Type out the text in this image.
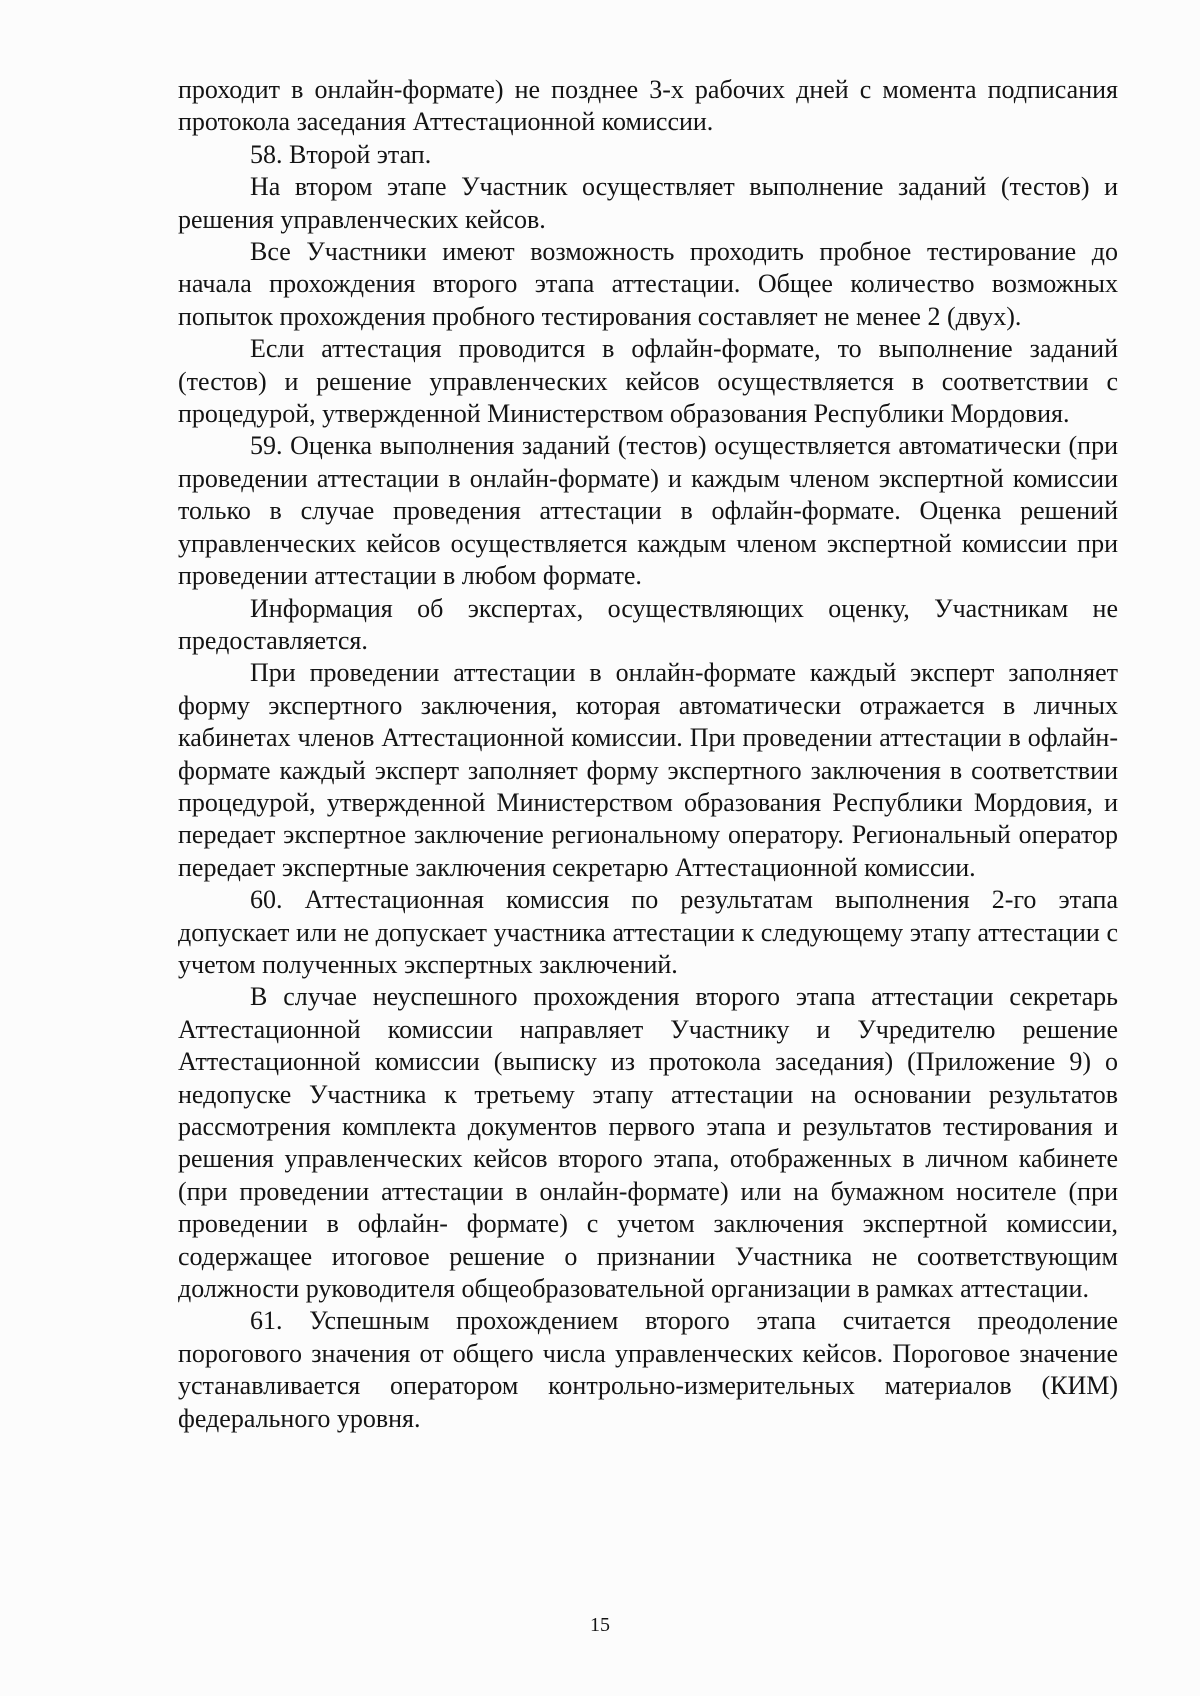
проходит в онлайн-формате) не позднее 3-х рабочих дней с момента подписания протокола заседания Аттестационной комиссии.

58. Второй этап.

На втором этапе Участник осуществляет выполнение заданий (тестов) и решения управленческих кейсов.

Все Участники имеют возможность проходить пробное тестирование до начала прохождения второго этапа аттестации. Общее количество возможных попыток прохождения пробного тестирования составляет не менее 2 (двух).

Если аттестация проводится в офлайн-формате, то выполнение заданий (тестов) и решение управленческих кейсов осуществляется в соответствии с процедурой, утвержденной Министерством образования Республики Мордовия.

59. Оценка выполнения заданий (тестов) осуществляется автоматически (при проведении аттестации в онлайн-формате) и каждым членом экспертной комиссии только в случае проведения аттестации в офлайн-формате. Оценка решений управленческих кейсов осуществляется каждым членом экспертной комиссии при проведении аттестации в любом формате.

Информация об экспертах, осуществляющих оценку, Участникам не предоставляется.

При проведении аттестации в онлайн-формате каждый эксперт заполняет форму экспертного заключения, которая автоматически отражается в личных кабинетах членов Аттестационной комиссии. При проведении аттестации в офлайн-формате каждый эксперт заполняет форму экспертного заключения в соответствии процедурой, утвержденной Министерством образования Республики Мордовия, и передает экспертное заключение региональному оператору. Региональный оператор передает экспертные заключения секретарю Аттестационной комиссии.

60. Аттестационная комиссия по результатам выполнения 2-го этапа допускает или не допускает участника аттестации к следующему этапу аттестации с учетом полученных экспертных заключений.

В случае неуспешного прохождения второго этапа аттестации секретарь Аттестационной комиссии направляет Участнику и Учредителю решение Аттестационной комиссии (выписку из протокола заседания) (Приложение 9) о недопуске Участника к третьему этапу аттестации на основании результатов рассмотрения комплекта документов первого этапа и результатов тестирования и решения управленческих кейсов второго этапа, отображенных в личном кабинете (при проведении аттестации в онлайн-формате) или на бумажном носителе (при проведении в офлайн- формате) с учетом заключения экспертной комиссии, содержащее итоговое решение о признании Участника не соответствующим должности руководителя общеобразовательной организации в рамках аттестации.

61. Успешным прохождением второго этапа считается преодоление порогового значения от общего числа управленческих кейсов. Пороговое значение устанавливается оператором контрольно-измерительных материалов (КИМ) федерального уровня.

15
